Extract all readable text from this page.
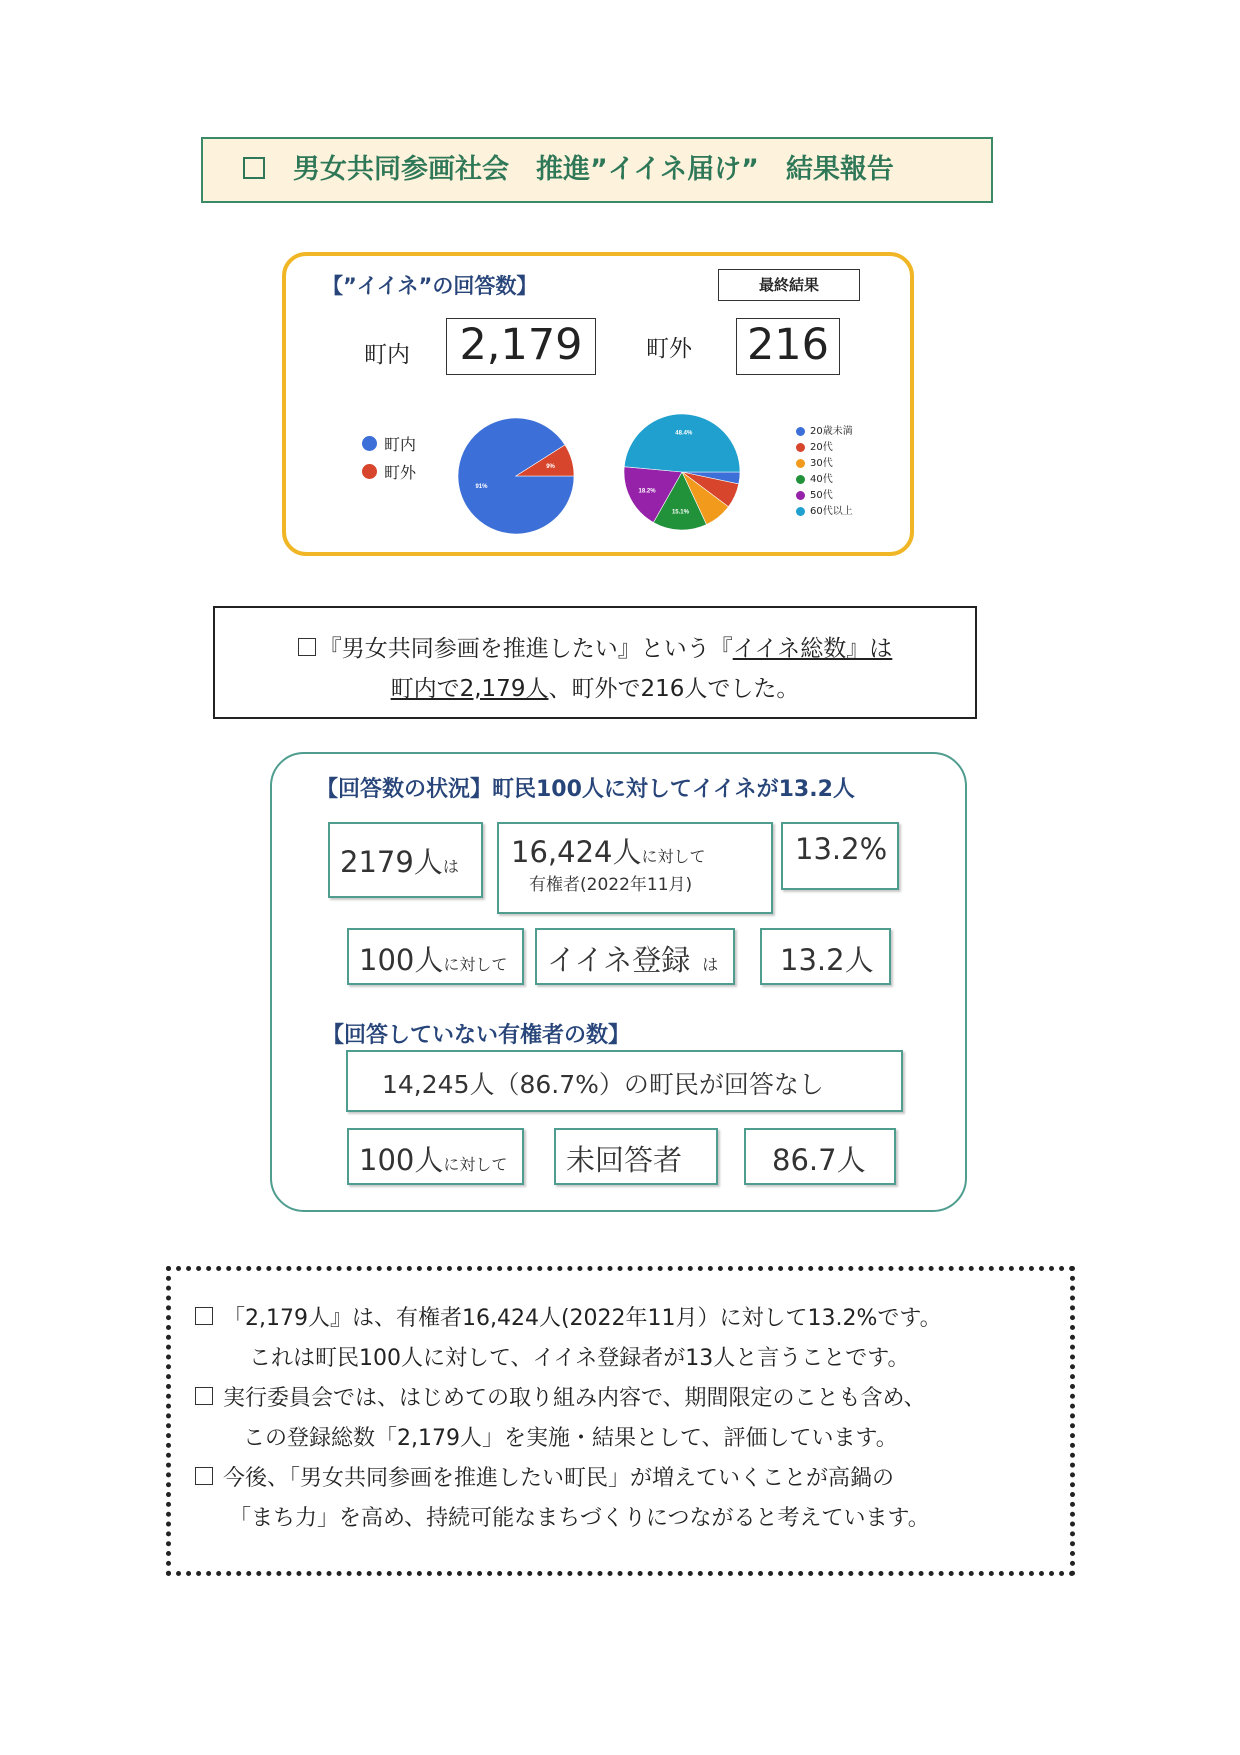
男女共同参画社会　推進”イイネ届け”　結果報告
【”イイネ”の回答数】	最終結果
町内	2,179	町外 216
町内
町外
91%
9%
15.1%
18.2%
48.4%	20歳未満
20代
30代
40代
50代
60代以上
『男女共同参画を推進したい』という『イイネ総数』は
町内で2,179人、町外で216人でした。
【回答数の状況】町民100人に対してイイネが13.2人
2179人は 16,424人に対して
有権者(2022年11月)
13.2%
100人に対して イイネ登録 は 13.2人
【回答していない有権者の数】
14,245人（86.7%）の町民が回答なし
100人に対して 未回答者	86.7人
「2,179人』は、有権者16,424人(2022年11月）に対して13.2%です。
これは町民100人に対して、イイネ登録者が13人と言うことです。
実行委員会では、はじめての取り組み内容で、期間限定のことも含め、
この登録総数「2,179人」を実施・結果として、評価しています。
今後、「男女共同参画を推進したい町民」が増えていくことが高鍋の
「まち力」を高め、持続可能なまちづくりにつながると考えています。
